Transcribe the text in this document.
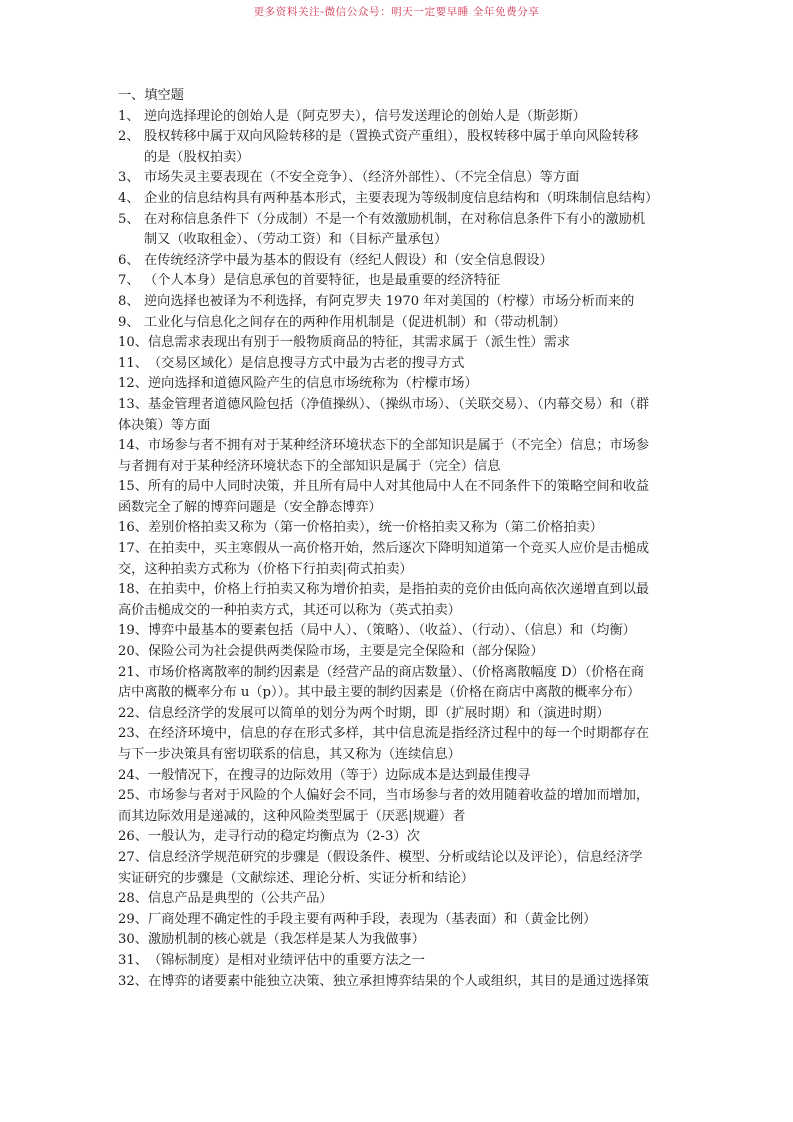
更多资料关注-微信公众号：明天一定要早睡 全年免费分享
一、填空题
1、 逆向选择理论的创始人是（阿克罗夫），信号发送理论的创始人是（斯彭斯）
2、 股权转移中属于双向风险转移的是（置换式资产重组），股权转移中属于单向风险转移
的是（股权拍卖）
3、 市场失灵主要表现在（不安全竞争）、（经济外部性）、（不完全信息）等方面
4、 企业的信息结构具有两种基本形式，主要表现为等级制度信息结构和（明珠制信息结构）
5、 在对称信息条件下（分成制）不是一个有效激励机制，在对称信息条件下有小的激励机
制又（收取租金）、（劳动工资）和（目标产量承包）
6、 在传统经济学中最为基本的假设有（经纪人假设）和（安全信息假设）
7、 （个人本身）是信息承包的首要特征，也是最重要的经济特征
8、 逆向选择也被译为不利选择，有阿克罗夫 1970 年对美国的（柠檬）市场分析而来的
9、 工业化与信息化之间存在的两种作用机制是（促进机制）和（带动机制）
10、信息需求表现出有别于一般物质商品的特征，其需求属于（派生性）需求
11、（交易区域化）是信息搜寻方式中最为古老的搜寻方式
12、逆向选择和道德风险产生的信息市场统称为（柠檬市场）
13、基金管理者道德风险包括（净值操纵）、（操纵市场）、（关联交易）、（内幕交易）和（群
体决策）等方面
14、市场参与者不拥有对于某种经济环境状态下的全部知识是属于（不完全）信息；市场参
与者拥有对于某种经济环境状态下的全部知识是属于（完全）信息
15、所有的局中人同时决策，并且所有局中人对其他局中人在不同条件下的策略空间和收益
函数完全了解的博弈问题是（安全静态博弈）
16、差别价格拍卖又称为（第一价格拍卖），统一价格拍卖又称为（第二价格拍卖）
17、在拍卖中，买主寒假从一高价格开始，然后逐次下降明知道第一个竞买人应价是击槌成
交，这种拍卖方式称为（价格下行拍卖|荷式拍卖）
18、在拍卖中，价格上行拍卖又称为增价拍卖，是指拍卖的竞价由低向高依次递增直到以最
高价击槌成交的一种拍卖方式，其还可以称为（英式拍卖）
19、博弈中最基本的要素包括（局中人）、（策略）、（收益）、（行动）、（信息）和（均衡）
20、保险公司为社会提供两类保险市场，主要是完全保险和（部分保险）
21、市场价格离散率的制约因素是（经营产品的商店数量）、（价格离散幅度 D）（价格在商
店中离散的概率分布 u（p））。其中最主要的制约因素是（价格在商店中离散的概率分布）
22、信息经济学的发展可以简单的划分为两个时期，即（扩展时期）和（演进时期）
23、在经济环境中，信息的存在形式多样，其中信息流是指经济过程中的每一个时期都存在
与下一步决策具有密切联系的信息，其又称为（连续信息）
24、一般情况下，在搜寻的边际效用（等于）边际成本是达到最佳搜寻
25、市场参与者对于风险的个人偏好会不同，当市场参与者的效用随着收益的增加而增加，
而其边际效用是递减的，这种风险类型属于（厌恶|规避）者
26、一般认为，走寻行动的稳定均衡点为（2-3）次
27、信息经济学规范研究的步骤是（假设条件、模型、分析或结论以及评论），信息经济学
实证研究的步骤是（文献综述、理论分析、实证分析和结论）
28、信息产品是典型的（公共产品）
29、厂商处理不确定性的手段主要有两种手段，表现为（基表面）和（黄金比例）
30、激励机制的核心就是（我怎样是某人为我做事）
31、（锦标制度）是相对业绩评估中的重要方法之一
32、在博弈的诸要素中能独立决策、独立承担博弈结果的个人或组织，其目的是通过选择策
